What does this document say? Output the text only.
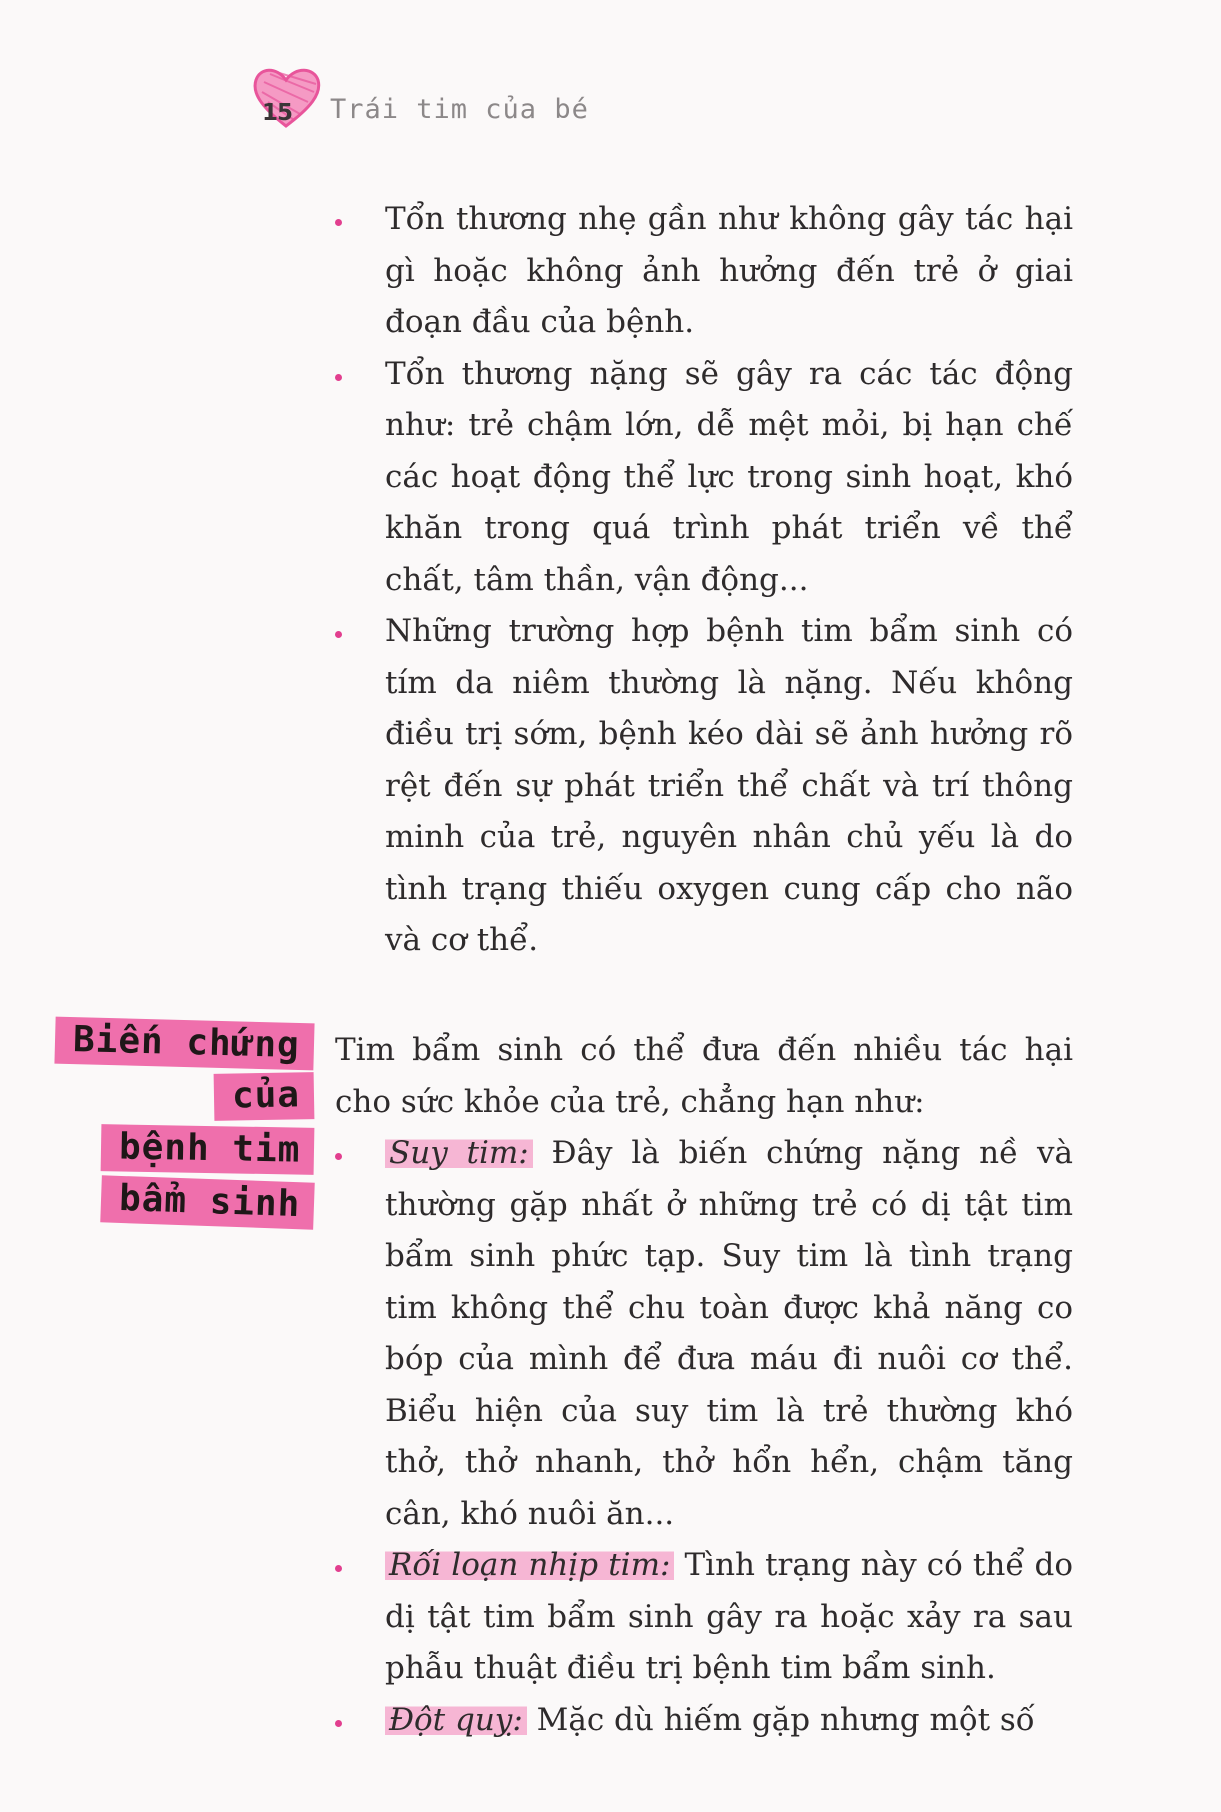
15 Trái tim của bé
Tổn thương nhẹ gần như không gây tác hại gì hoặc không ảnh hưởng đến trẻ ở giai đoạn đầu của bệnh.
Tổn thương nặng sẽ gây ra các tác động như: trẻ chậm lớn, dễ mệt mỏi, bị hạn chế các hoạt động thể lực trong sinh hoạt, khó khăn trong quá trình phát triển về thể chất, tâm thần, vận động...
Những trường hợp bệnh tim bẩm sinh có tím da niêm thường là nặng. Nếu không điều trị sớm, bệnh kéo dài sẽ ảnh hưởng rõ rệt đến sự phát triển thể chất và trí thông minh của trẻ, nguyên nhân chủ yếu là do tình trạng thiếu oxygen cung cấp cho não và cơ thể.
Biến chứng
của
bệnh tim
bẩm sinh

Tim bẩm sinh có thể đưa đến nhiều tác hại cho sức khỏe của trẻ, chẳng hạn như:

Suy tim: Đây là biến chứng nặng nề và thường gặp nhất ở những trẻ có dị tật tim bẩm sinh phức tạp. Suy tim là tình trạng tim không thể chu toàn được khả năng co bóp của mình để đưa máu đi nuôi cơ thể. Biểu hiện của suy tim là trẻ thường khó thở, thở nhanh, thở hổn hển, chậm tăng cân, khó nuôi ăn...
Rối loạn nhịp tim: Tình trạng này có thể do dị tật tim bẩm sinh gây ra hoặc xảy ra sau phẫu thuật điều trị bệnh tim bẩm sinh.
Đột quỵ: Mặc dù hiếm gặp nhưng một số
